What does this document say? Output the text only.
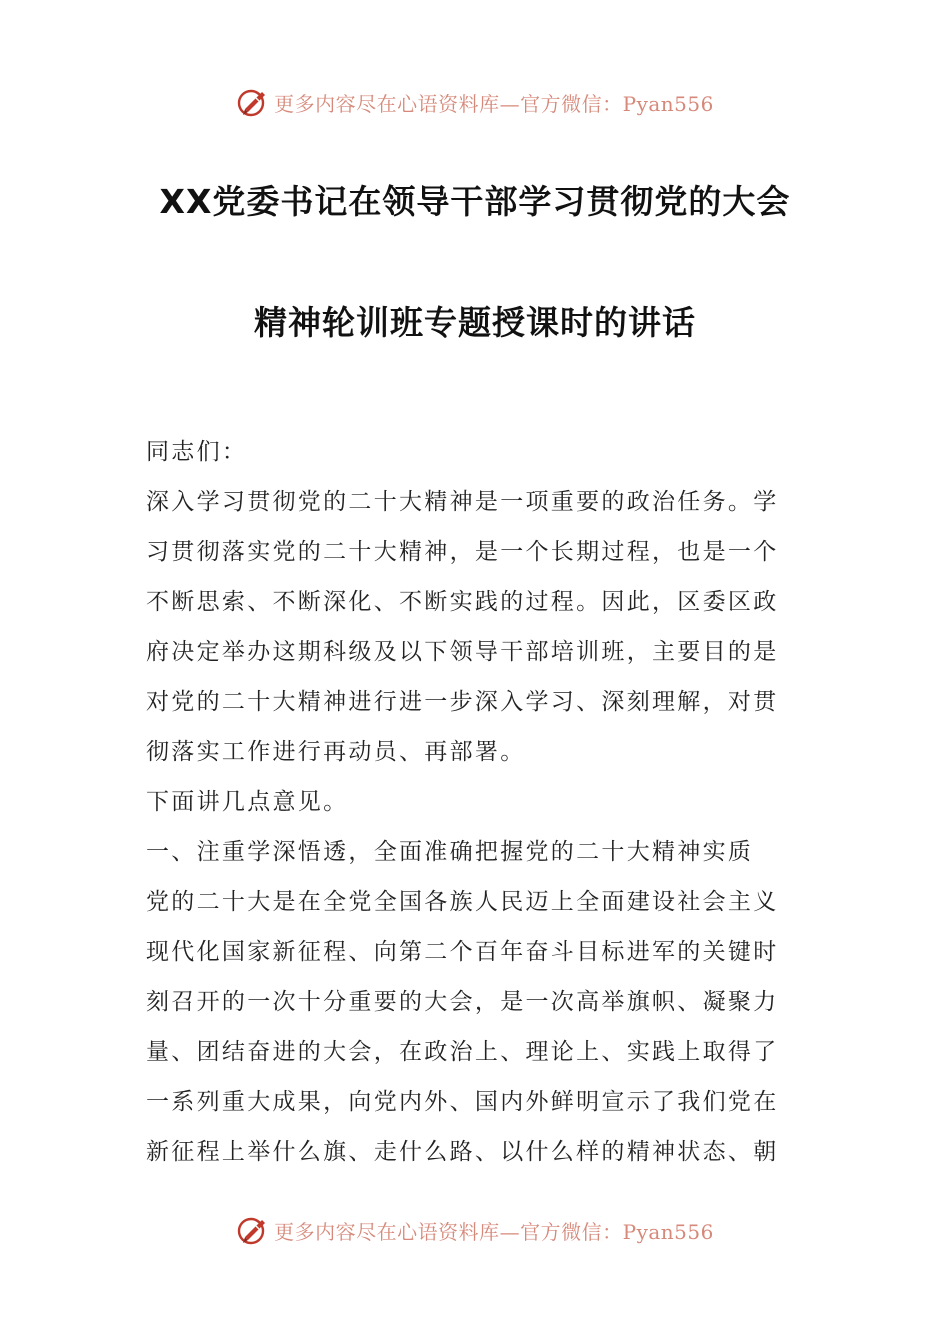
更多内容尽在心语资料库—官方微信：Pyan556
XX党委书记在领导干部学习贯彻党的大会
精神轮训班专题授课时的讲话
同志们：
深入学习贯彻党的二十大精神是一项重要的政治任务。学
习贯彻落实党的二十大精神，是一个长期过程，也是一个
不断思索、不断深化、不断实践的过程。因此，区委区政
府决定举办这期科级及以下领导干部培训班，主要目的是
对党的二十大精神进行进一步深入学习、深刻理解，对贯
彻落实工作进行再动员、再部署。
下面讲几点意见。
一、注重学深悟透，全面准确把握党的二十大精神实质
党的二十大是在全党全国各族人民迈上全面建设社会主义
现代化国家新征程、向第二个百年奋斗目标进军的关键时
刻召开的一次十分重要的大会，是一次高举旗帜、凝聚力
量、团结奋进的大会，在政治上、理论上、实践上取得了
一系列重大成果，向党内外、国内外鲜明宣示了我们党在
新征程上举什么旗、走什么路、以什么样的精神状态、朝
更多内容尽在心语资料库—官方微信：Pyan556
